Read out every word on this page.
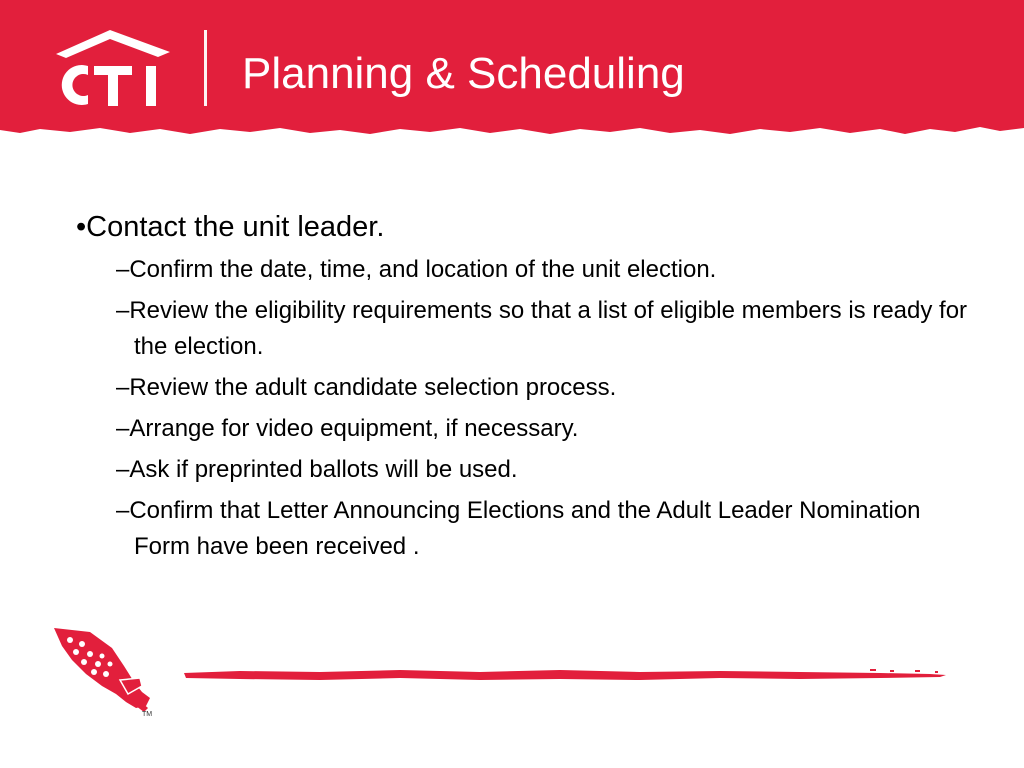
Planning & Scheduling
•Contact the unit leader.
–Confirm the date, time, and location of the unit election.
–Review the eligibility requirements so that a list of eligible members is ready for the election.
–Review the adult candidate selection process.
–Arrange for video equipment, if necessary.
–Ask if preprinted ballots will be used.
–Confirm that Letter Announcing Elections and the Adult Leader Nomination Form have been received .
TM
